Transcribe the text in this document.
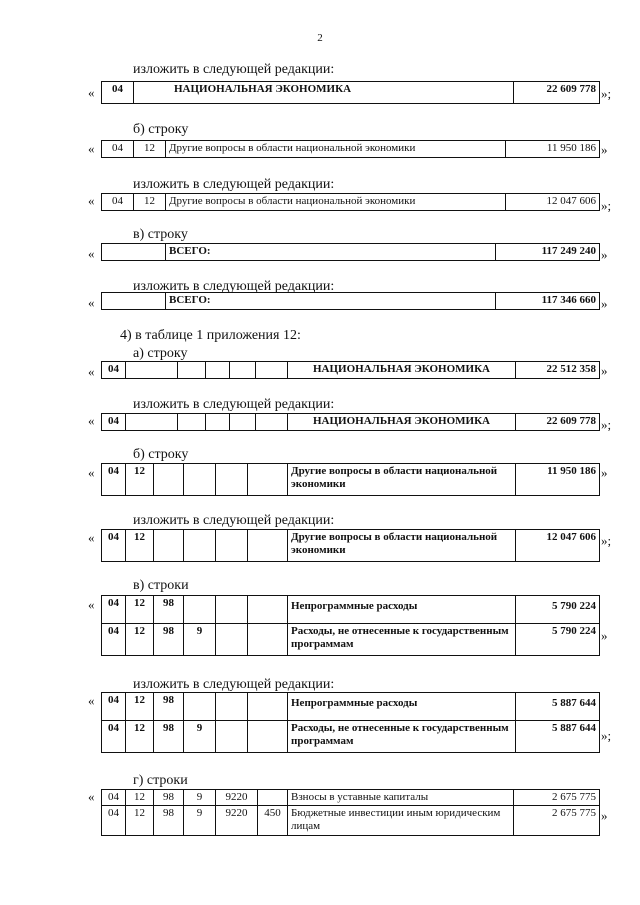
2
изложить в следующей редакции:
« 04	НАЦИОНАЛЬНАЯ ЭКОНОМИКА	22 609 778 »;
б) строку
« 04	12	Другие вопросы в области национальной экономики	11 950 186 »
изложить в следующей редакции:
« 04	12	Другие вопросы в области национальной экономики	12 047 606 »;
в) строку
«
		ВСЕГО:	117 249 240 »
изложить в следующей редакции:
«
		ВСЕГО:	117 346 660 »
4) в таблице 1 приложения 12:
а) строку
« 04						НАЦИОНАЛЬНАЯ ЭКОНОМИКА	22 512 358 »
изложить в следующей редакции:
« 04						НАЦИОНАЛЬНАЯ ЭКОНОМИКА	22 609 778 »;
б) строку
« 04	12					Другие вопросы в области национальной экономики	11 950 186 »
изложить в следующей редакции:
« 04	12					Другие вопросы в области национальной экономики	12 047 606 »;
в) строки
« 04	12	98				Непрограммные расходы	5 790 224
04	12	98	9			Расходы, не отнесенные к государственным программам	5 790 224 »
изложить в следующей редакции:
« 04	12	98				Непрограммные расходы	5 887 644
04	12	98	9			Расходы, не отнесенные к государственным программам	5 887 644 »;
г) строки
« 04	12	98	9	9220		Взносы в уставные капиталы	2 675 775
04	12	98	9	9220	450	Бюджетные инвестиции иным юридическим лицам	2 675 775 »
